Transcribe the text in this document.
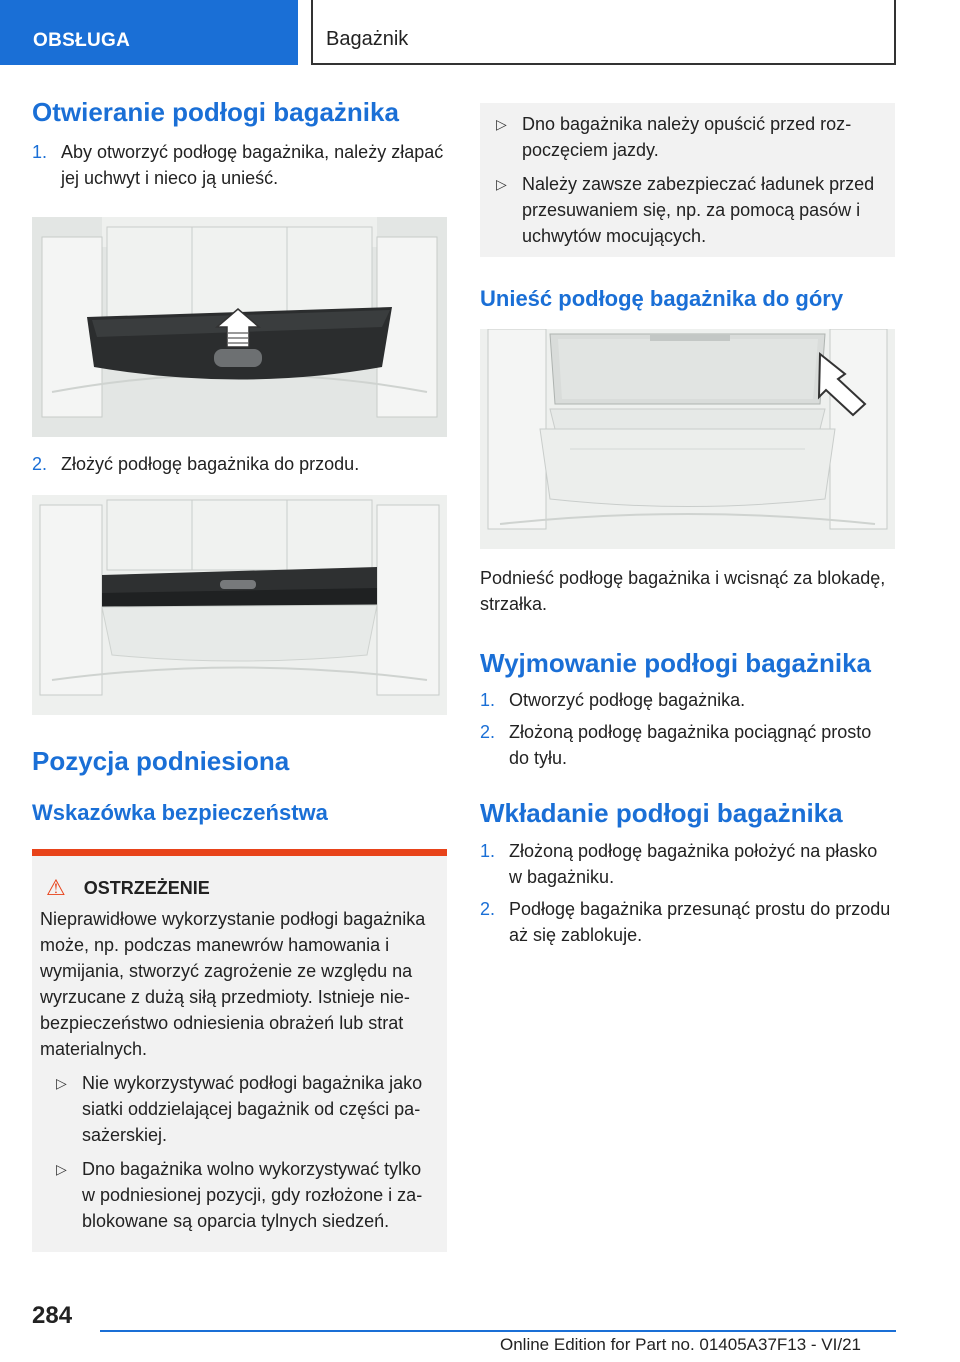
OBSŁUGA	Bagażnik
Otwieranie podłogi bagażnika
1. Aby otworzyć podłogę bagażnika, należy złapać jej uchwyt i nieco ją unieść.
2. Złożyć podłogę bagażnika do przodu.
Pozycja podniesiona
Wskazówka bezpieczeństwa
⚠ OSTRZEŻENIE
Nieprawidłowe wykorzystanie podłogi bagażnika może, np. podczas manewrów hamowania i wymijania, stworzyć zagrożenie ze względu na wyrzucane z dużą siłą przedmioty. Istnieje niebezpieczeństwo odniesienia obrażeń lub strat materialnych.
▷ Nie wykorzystywać podłogi bagażnika jako siatki oddzielającej bagażnik od części pasażerskiej.
▷ Dno bagażnika wolno wykorzystywać tylko w podniesionej pozycji, gdy rozłożone i zablokowane są oparcia tylnych siedzeń.
▷ Dno bagażnika należy opuścić przed rozpoczęciem jazdy.
▷ Należy zawsze zabezpieczać ładunek przed przesuwaniem się, np. za pomocą pasów i uchwytów mocujących.
Unieść podłogę bagażnika do góry
Podnieść podłogę bagażnika i wcisnąć za blokadę, strzałka.
Wyjmowanie podłogi bagażnika
1. Otworzyć podłogę bagażnika.
2. Złożoną podłogę bagażnika pociągnąć prosto do tyłu.
Wkładanie podłogi bagażnika
1. Złożoną podłogę bagażnika położyć na płasko w bagażniku.
2. Podłogę bagażnika przesunąć prostu do przodu aż się zablokuje.
284
Online Edition for Part no. 01405A37F13 - VI/21
